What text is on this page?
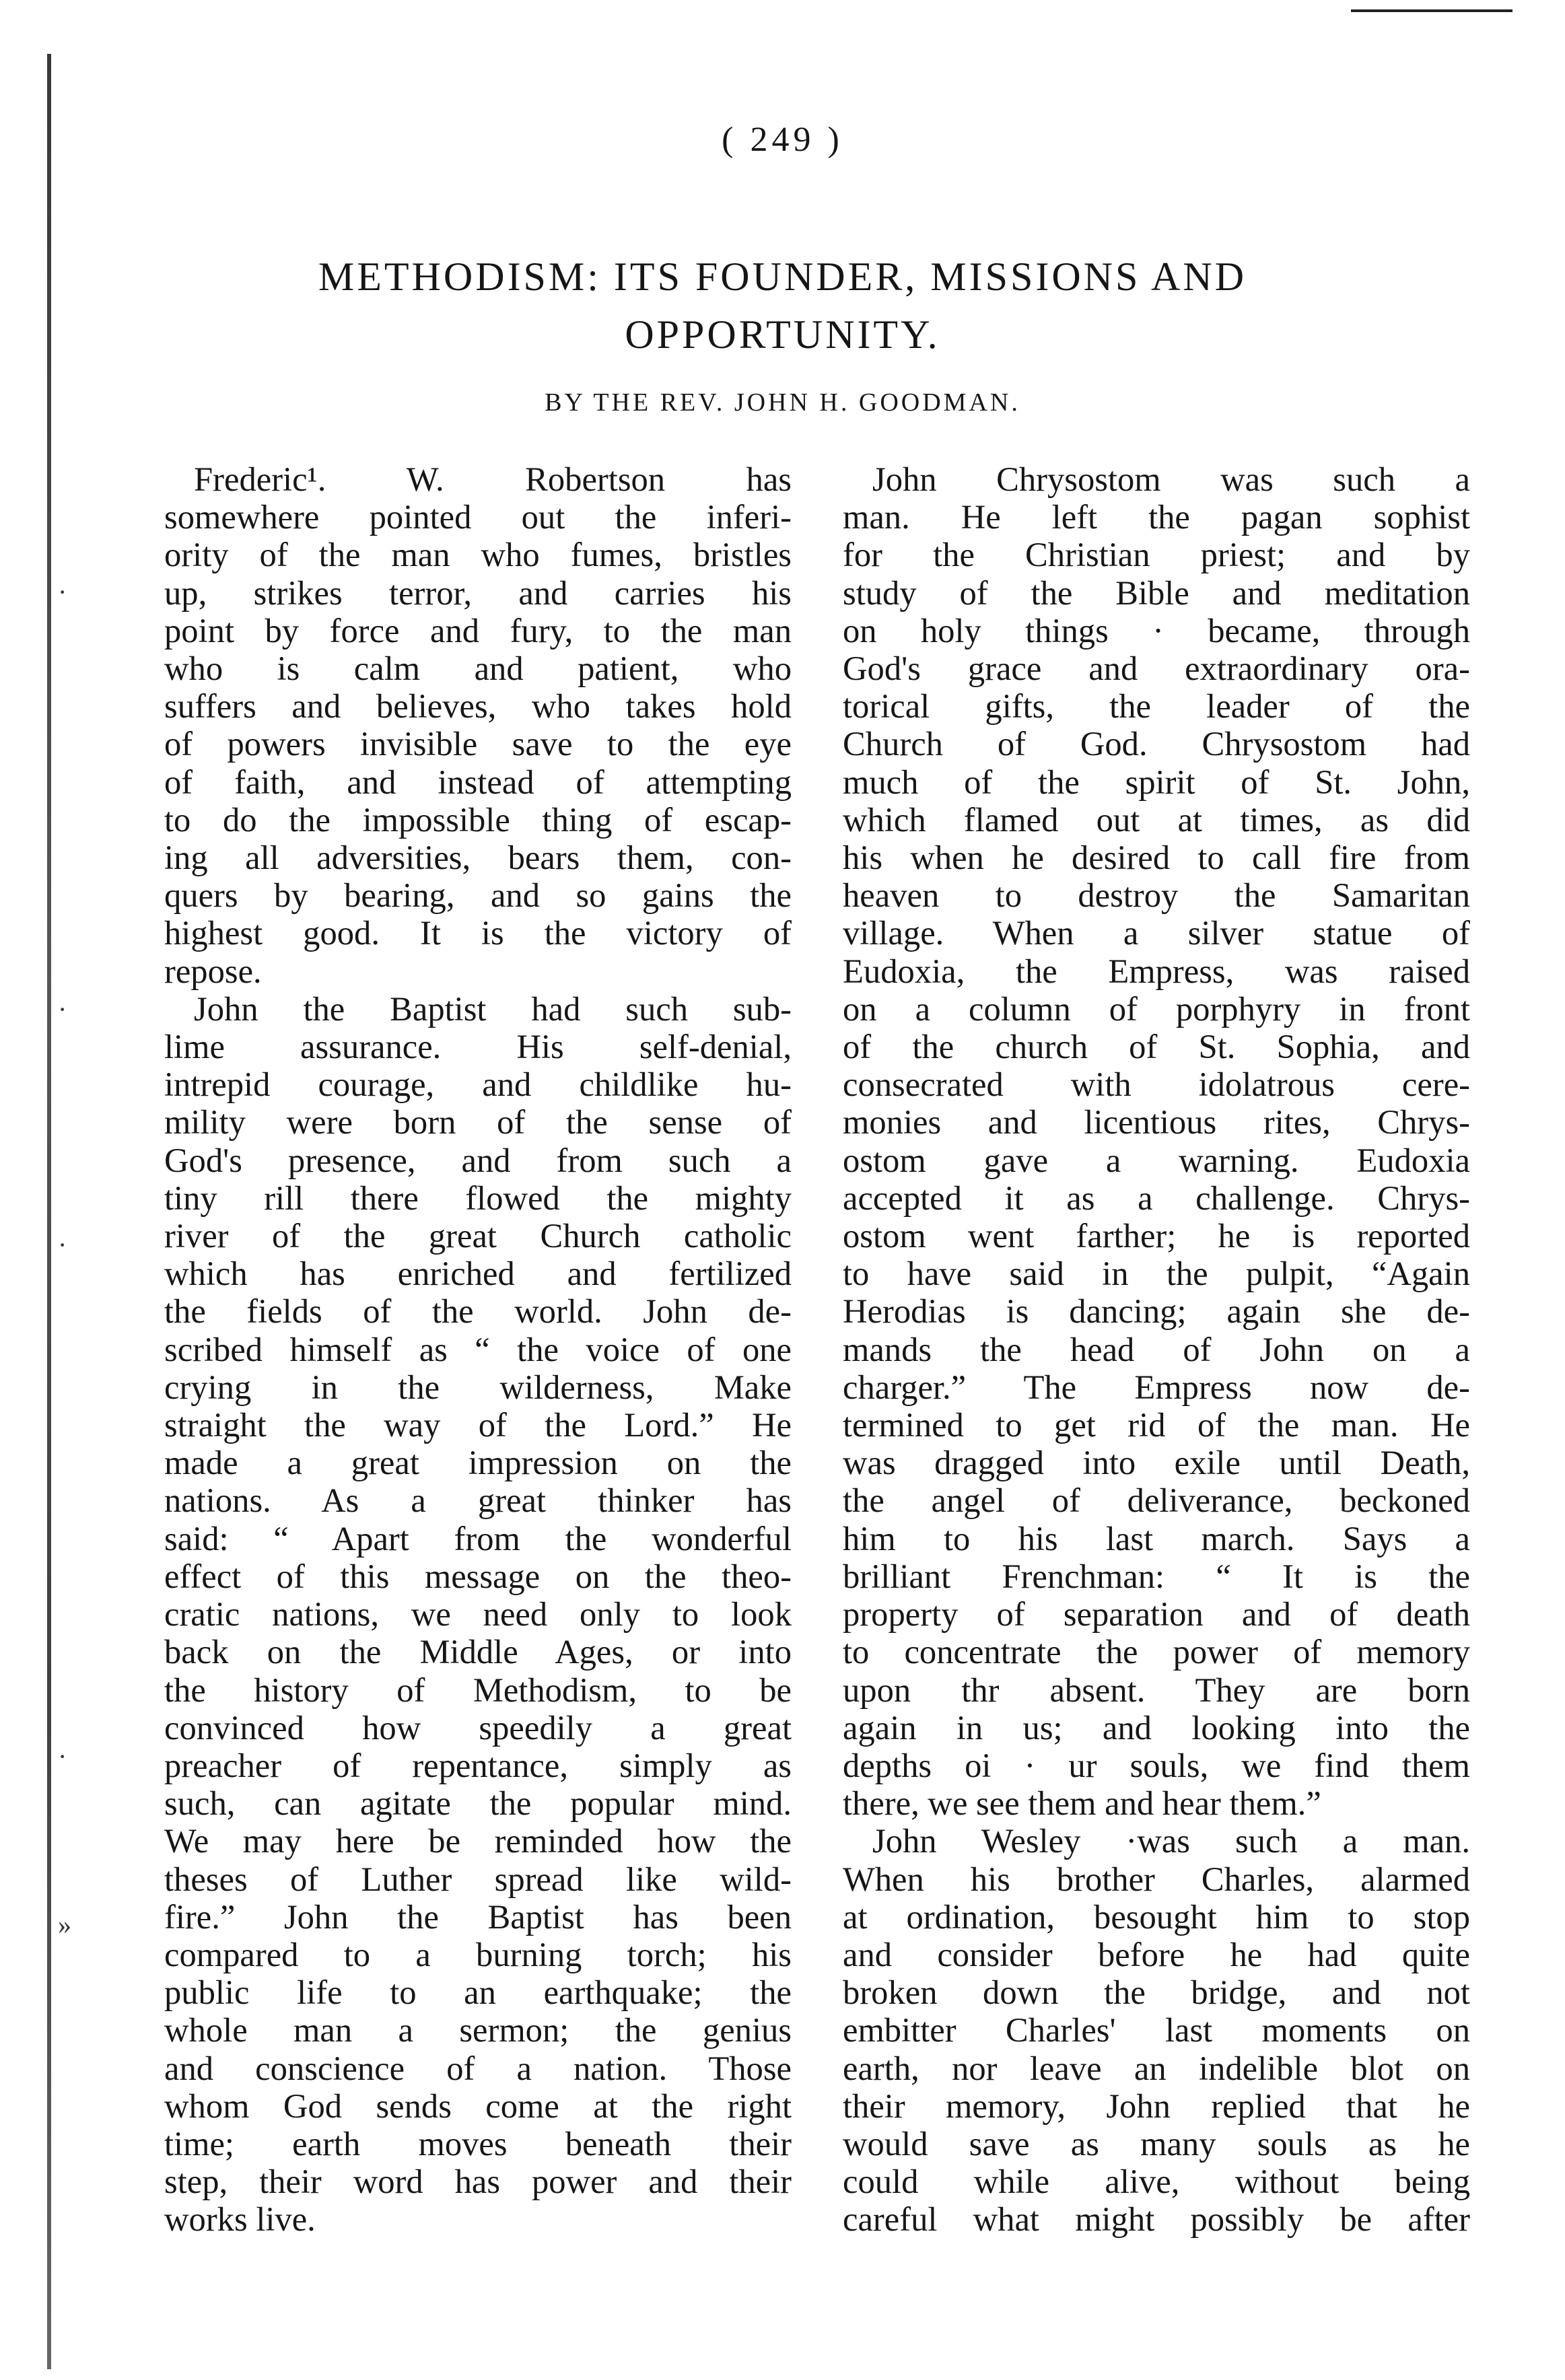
·
·
·
·
»
( 249 )
METHODISM: ITS FOUNDER, MISSIONS AND
OPPORTUNITY.
BY THE REV. JOHN H. GOODMAN.
Frederic¹. W. Robertson has
somewhere pointed out the inferi-
ority of the man who fumes, bristles
up, strikes terror, and carries his
point by force and fury, to the man
who is calm and patient, who
suffers and believes, who takes hold
of powers invisible save to the eye
of faith, and instead of attempting
to do the impossible thing of escap-
ing all adversities, bears them, con-
quers by bearing, and so gains the
highest good. It is the victory of
repose.
John the Baptist had such sub-
lime assurance. His self-denial,
intrepid courage, and childlike hu-
mility were born of the sense of
God's presence, and from such a
tiny rill there flowed the mighty
river of the great Church catholic
which has enriched and fertilized
the fields of the world. John de-
scribed himself as “ the voice of one
crying in the wilderness, Make
straight the way of the Lord.” He
made a great impression on the
nations. As a great thinker has
said: “ Apart from the wonderful
effect of this message on the theo-
cratic nations, we need only to look
back on the Middle Ages, or into
the history of Methodism, to be
convinced how speedily a great
preacher of repentance, simply as
such, can agitate the popular mind.
We may here be reminded how the
theses of Luther spread like wild-
fire.” John the Baptist has been
compared to a burning torch; his
public life to an earthquake; the
whole man a sermon; the genius
and conscience of a nation. Those
whom God sends come at the right
time; earth moves beneath their
step, their word has power and their
works live.
John Chrysostom was such a
man. He left the pagan sophist
for the Christian priest; and by
study of the Bible and meditation
on holy things · became, through
God's grace and extraordinary ora-
torical gifts, the leader of the
Church of God. Chrysostom had
much of the spirit of St. John,
which flamed out at times, as did
his when he desired to call fire from
heaven to destroy the Samaritan
village. When a silver statue of
Eudoxia, the Empress, was raised
on a column of porphyry in front
of the church of St. Sophia, and
consecrated with idolatrous cere-
monies and licentious rites, Chrys-
ostom gave a warning. Eudoxia
accepted it as a challenge. Chrys-
ostom went farther; he is reported
to have said in the pulpit, “Again
Herodias is dancing; again she de-
mands the head of John on a
charger.” The Empress now de-
termined to get rid of the man. He
was dragged into exile until Death,
the angel of deliverance, beckoned
him to his last march. Says a
brilliant Frenchman: “ It is the
property of separation and of death
to concentrate the power of memory
upon thr absent. They are born
again in us; and looking into the
depths oi · ur souls, we find them
there, we see them and hear them.”
John Wesley ·was such a man.
When his brother Charles, alarmed
at ordination, besought him to stop
and consider before he had quite
broken down the bridge, and not
embitter Charles' last moments on
earth, nor leave an indelible blot on
their memory, John replied that he
would save as many souls as he
could while alive, without being
careful what might possibly be after
